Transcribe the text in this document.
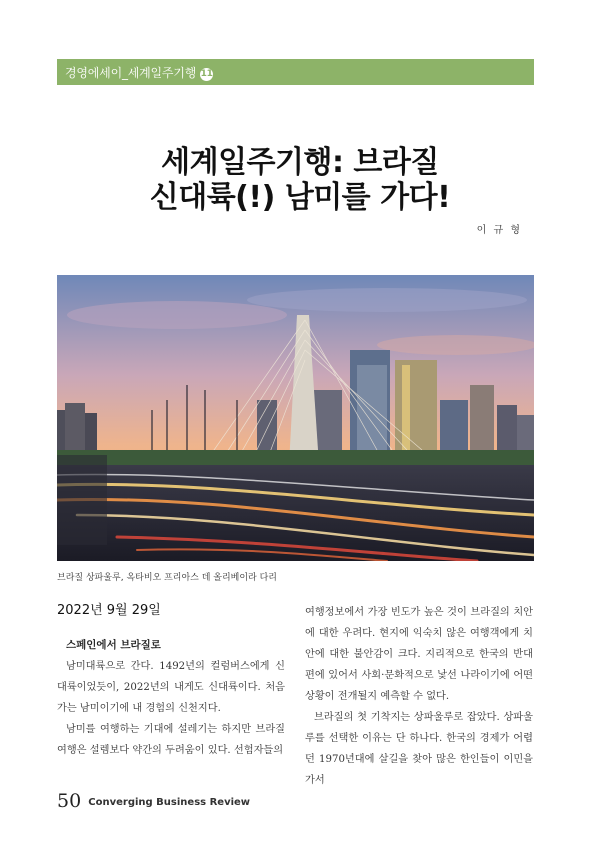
경영에세이_세계일주기행 11
세계일주기행: 브라질
신대륙(!) 남미를 가다!
이 규 형
브라질 상파울루, 옥타비오 프리아스 데 올리베이라 다리
2022년 9월 29일
스페인에서 브라질로

남미대륙으로 간다. 1492년의 컬럼버스에게 신대륙이었듯이, 2022년의 내게도 신대륙이다. 처음 가는 남미이기에 내 경험의 신천지다.

남미를 여행하는 기대에 설레기는 하지만 브라질 여행은 설렘보다 약간의 두려움이 있다. 선험자들의

여행정보에서 가장 빈도가 높은 것이 브라질의 치안에 대한 우려다. 현지에 익숙치 않은 여행객에게 치안에 대한 불안감이 크다. 지리적으로 한국의 반대편에 있어서 사회·문화적으로 낯선 나라이기에 어떤 상황이 전개될지 예측할 수 없다.

브라질의 첫 기착지는 상파울루로 잡았다. 상파울루를 선택한 이유는 단 하나다. 한국의 경제가 어렵던 1970년대에 살길을 찾아 많은 한인들이 이민을 가서

50 Converging Business Review
